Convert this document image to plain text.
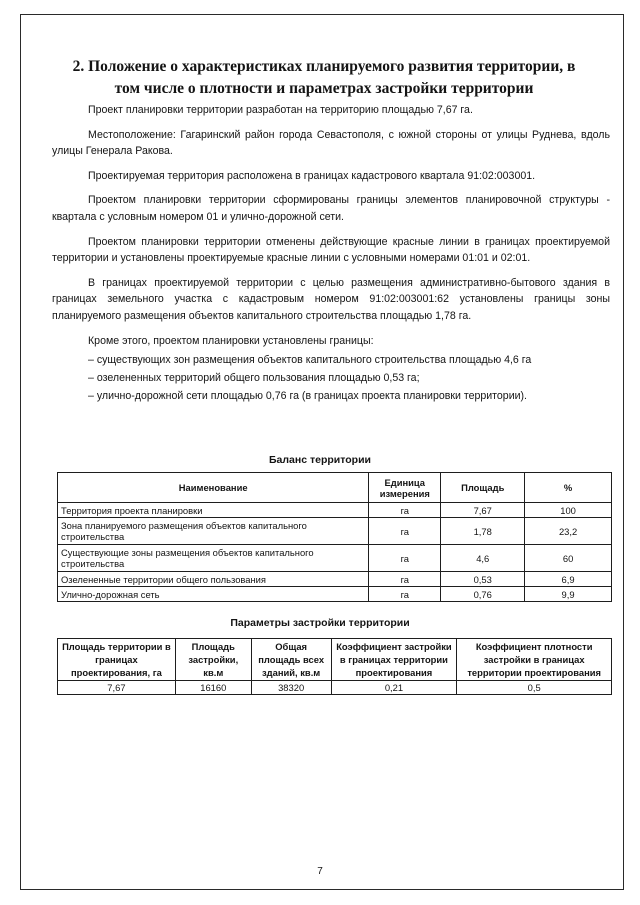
2. Положение о характеристиках планируемого развития территории, в
том числе о плотности и параметрах застройки территории

Проект планировки территории разработан на территорию площадью 7,67 га.

Местоположение: Гагаринский район города Севастополя, с южной стороны от улицы Руднева, вдоль улицы Генерала Ракова.

Проектируемая территория расположена в границах кадастрового квартала 91:02:003001.

Проектом планировки территории сформированы границы элементов планировочной структуры - квартала с условным номером 01 и улично-дорожной сети.

Проектом планировки территории отменены действующие красные линии в границах проектируемой территории и установлены проектируемые красные линии с условными номерами 01:01 и 02:01.

В границах проектируемой территории с целью размещения административно-бытового здания в границах земельного участка с кадастровым номером 91:02:003001:62 установлены границы зоны планируемого размещения объектов капитального строительства площадью 1,78 га.

Кроме этого, проектом планировки установлены границы:

– существующих зон размещения объектов капитального строительства площадью 4,6 га
– озелененных территорий общего пользования площадью 0,53 га;
– улично-дорожной сети площадью 0,76 га (в границах проекта планировки территории).
Баланс территории
Наименование	Единица измерения	Площадь	%
Территория проекта планировки	га	7,67	100
Зона планируемого размещения объектов капитального строительства	га	1,78	23,2
Существующие зоны размещения объектов капитального строительства	га	4,6	60
Озелененные территории общего пользования	га	0,53	6,9
Улично-дорожная сеть	га	0,76	9,9
Параметры застройки территории
Площадь территории в границах проектирования, га	Площадь застройки, кв.м	Общая площадь всех зданий, кв.м	Коэффициент застройки в границах территории проектирования	Коэффициент плотности застройки в границах территории проектирования
7,67	16160	38320	0,21	0,5
7
